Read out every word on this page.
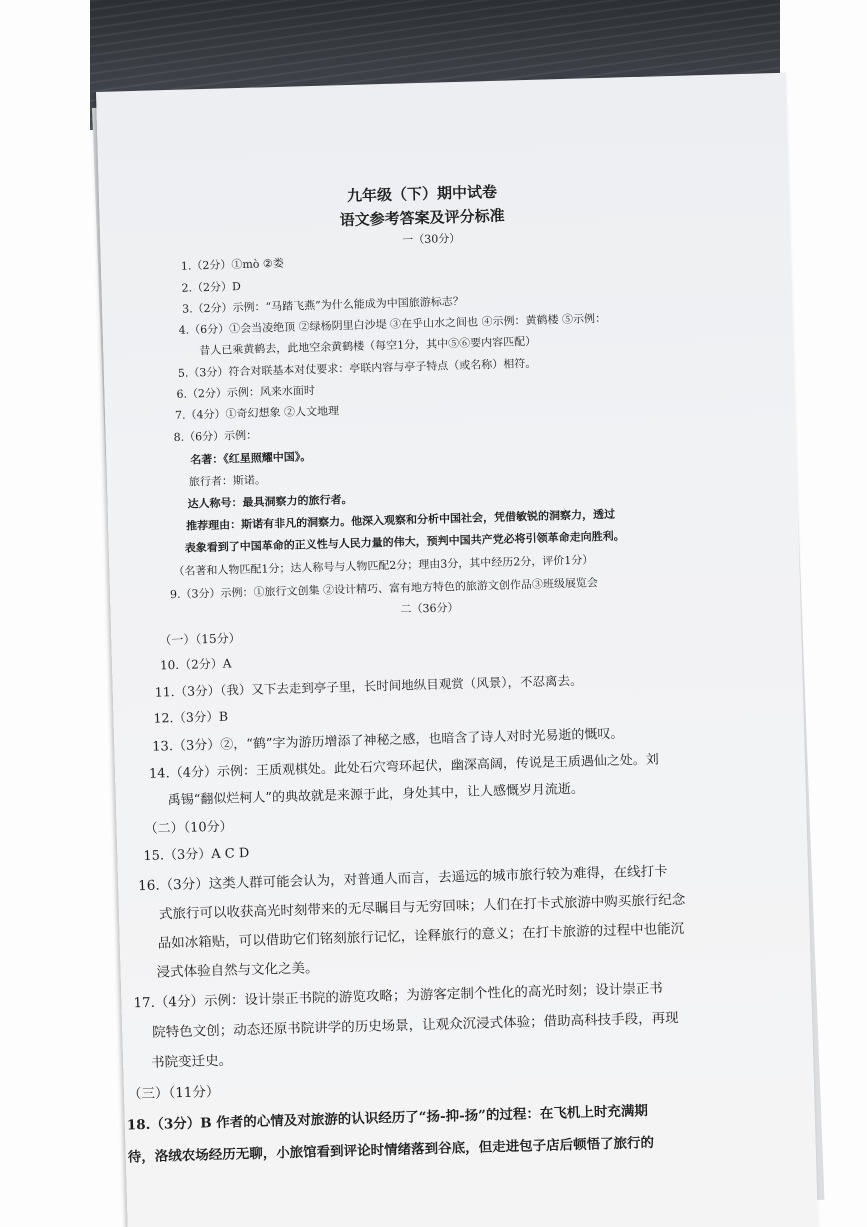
九年级（下）期中试卷
语文参考答案及评分标准
一（30分）
1.（2分）①mò ②娄
2.（2分）D
3.（2分）示例：“马踏飞燕”为什么能成为中国旅游标志？
4.（6分）①会当凌绝顶 ②绿杨阴里白沙堤 ③在乎山水之间也 ④示例：黄鹤楼 ⑤示例：
昔人已乘黄鹤去，此地空余黄鹤楼（每空1分，其中⑤⑥要内容匹配）
5.（3分）符合对联基本对仗要求：亭联内容与亭子特点（或名称）相符。
6.（2分）示例：风来水面时
7.（4分）①奇幻想象 ②人文地理
8.（6分）示例：
名著：《红星照耀中国》。
旅行者：斯诺。
达人称号：最具洞察力的旅行者。
推荐理由：斯诺有非凡的洞察力。他深入观察和分析中国社会，凭借敏锐的洞察力，透过
表象看到了中国革命的正义性与人民力量的伟大，预判中国共产党必将引领革命走向胜利。
（名著和人物匹配1分；达人称号与人物匹配2分；理由3分，其中经历2分，评价1分）
9.（3分）示例：①旅行文创集 ②设计精巧、富有地方特色的旅游文创作品③班级展览会
二（36分）
（一）（15分）
10.（2分）A
11.（3分）（我）又下去走到亭子里，长时间地纵目观赏（风景），不忍离去。
12.（3分）B
13.（3分）②，“鹤”字为游历增添了神秘之感，也暗含了诗人对时光易逝的慨叹。
14.（4分）示例：王质观棋处。此处石穴弯环起伏，幽深高阔，传说是王质遇仙之处。刘
禹锡“翻似烂柯人”的典故就是来源于此，身处其中，让人感慨岁月流逝。
（二）（10分）
15.（3分）A C D
16.（3分）这类人群可能会认为，对普通人而言，去遥远的城市旅行较为难得，在线打卡
式旅行可以收获高光时刻带来的无尽瞩目与无穷回味；人们在打卡式旅游中购买旅行纪念
品如冰箱贴，可以借助它们铭刻旅行记忆，诠释旅行的意义；在打卡旅游的过程中也能沉
浸式体验自然与文化之美。
17.（4分）示例：设计崇正书院的游览攻略；为游客定制个性化的高光时刻；设计崇正书
院特色文创；动态还原书院讲学的历史场景，让观众沉浸式体验；借助高科技手段，再现
书院变迁史。
（三）（11分）
18.（3分）B 作者的心情及对旅游的认识经历了“扬-抑-扬”的过程：在飞机上时充满期
待，洛绒农场经历无聊，小旅馆看到评论时情绪落到谷底，但走进包子店后顿悟了旅行的
